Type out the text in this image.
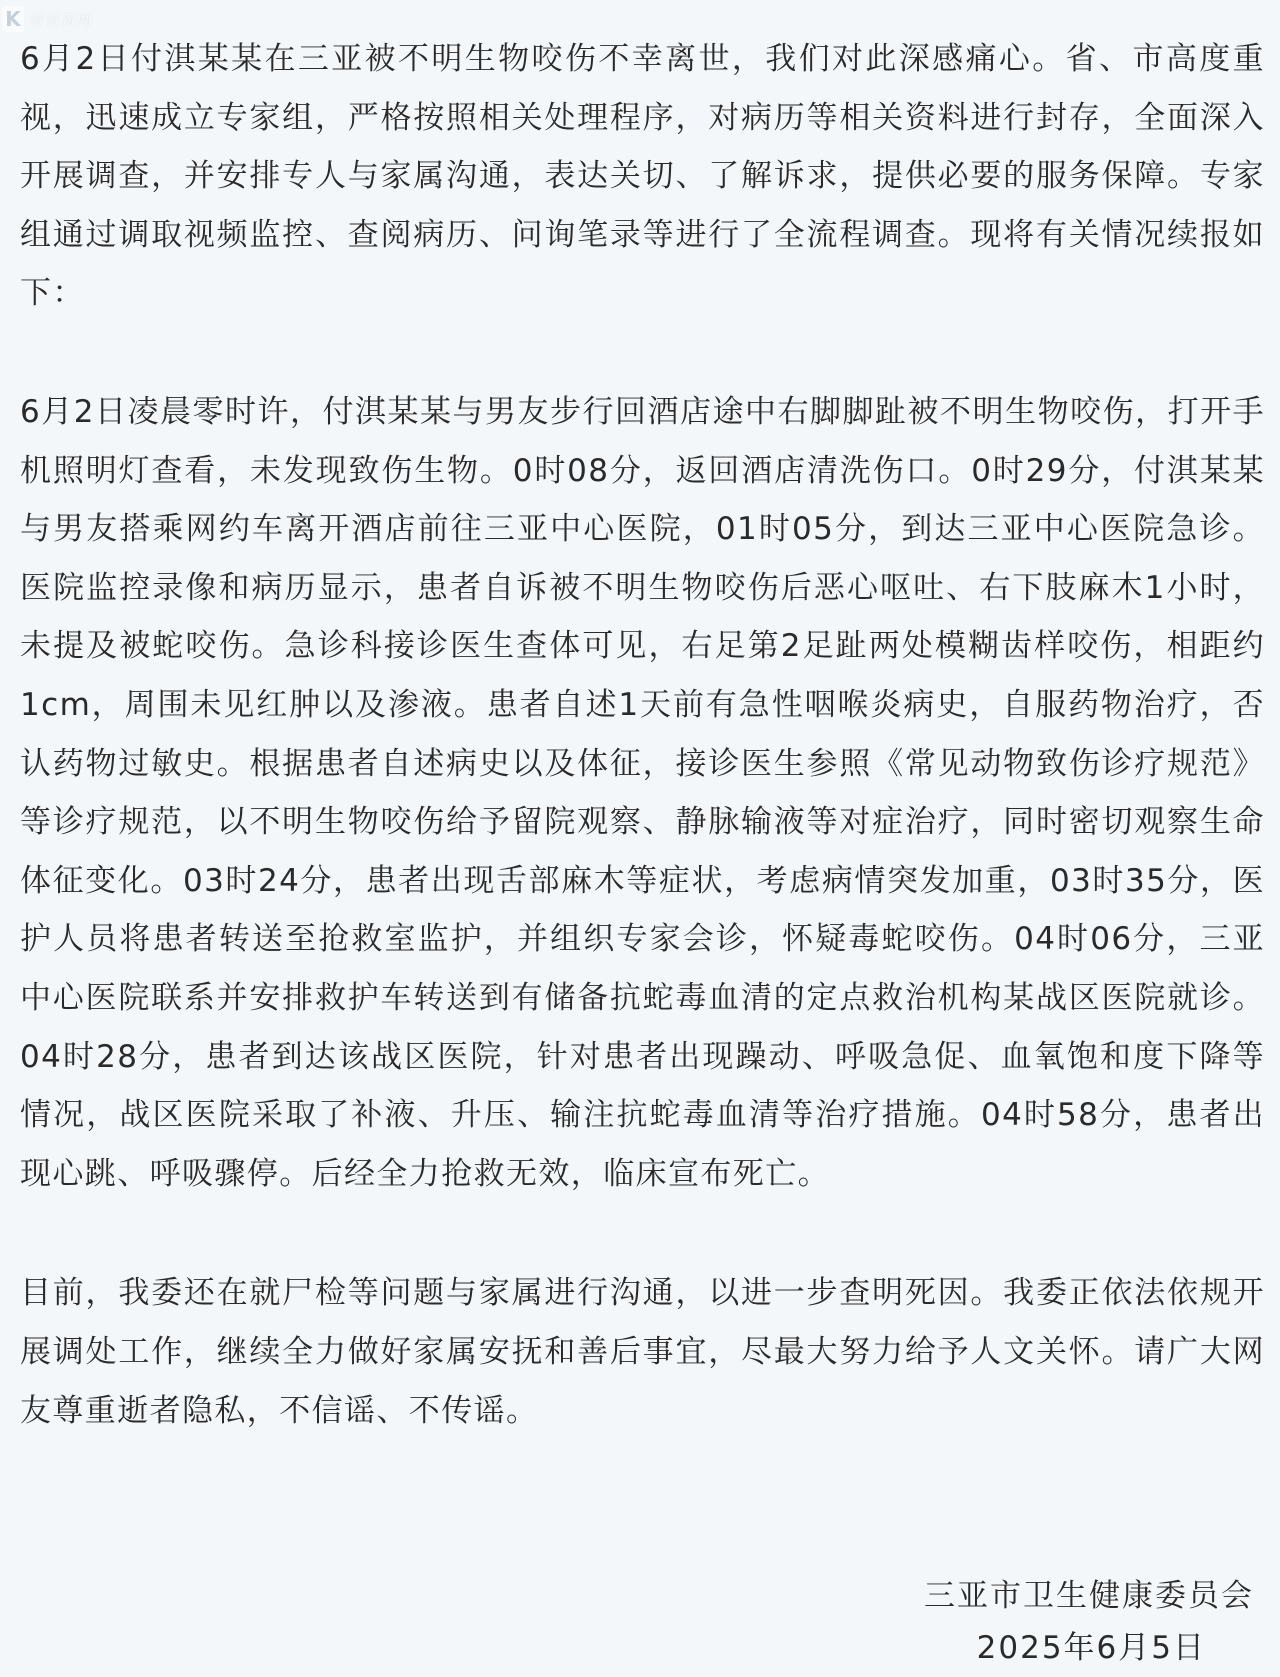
K 看看新闻

6月2日付淇某某在三亚被不明生物咬伤不幸离世，我们对此深感痛心。省、市高度重视，迅速成立专家组，严格按照相关处理程序，对病历等相关资料进行封存，全面深入开展调查，并安排专人与家属沟通，表达关切、了解诉求，提供必要的服务保障。专家组通过调取视频监控、查阅病历、问询笔录等进行了全流程调查。现将有关情况续报如下：

6月2日凌晨零时许，付淇某某与男友步行回酒店途中右脚脚趾被不明生物咬伤，打开手机照明灯查看，未发现致伤生物。0时08分，返回酒店清洗伤口。0时29分，付淇某某与男友搭乘网约车离开酒店前往三亚中心医院，01时05分，到达三亚中心医院急诊。医院监控录像和病历显示，患者自诉被不明生物咬伤后恶心呕吐、右下肢麻木1小时，未提及被蛇咬伤。急诊科接诊医生查体可见，右足第2足趾两处模糊齿样咬伤，相距约1cm，周围未见红肿以及渗液。患者自述1天前有急性咽喉炎病史，自服药物治疗，否认药物过敏史。根据患者自述病史以及体征，接诊医生参照《常见动物致伤诊疗规范》等诊疗规范，以不明生物咬伤给予留院观察、静脉输液等对症治疗，同时密切观察生命体征变化。03时24分，患者出现舌部麻木等症状，考虑病情突发加重，03时35分，医护人员将患者转送至抢救室监护，并组织专家会诊，怀疑毒蛇咬伤。04时06分，三亚中心医院联系并安排救护车转送到有储备抗蛇毒血清的定点救治机构某战区医院就诊。04时28分，患者到达该战区医院，针对患者出现躁动、呼吸急促、血氧饱和度下降等情况，战区医院采取了补液、升压、输注抗蛇毒血清等治疗措施。04时58分，患者出现心跳、呼吸骤停。后经全力抢救无效，临床宣布死亡。

目前，我委还在就尸检等问题与家属进行沟通，以进一步查明死因。我委正依法依规开展调处工作，继续全力做好家属安抚和善后事宜，尽最大努力给予人文关怀。请广大网友尊重逝者隐私，不信谣、不传谣。

三亚市卫生健康委员会
2025年6月5日
